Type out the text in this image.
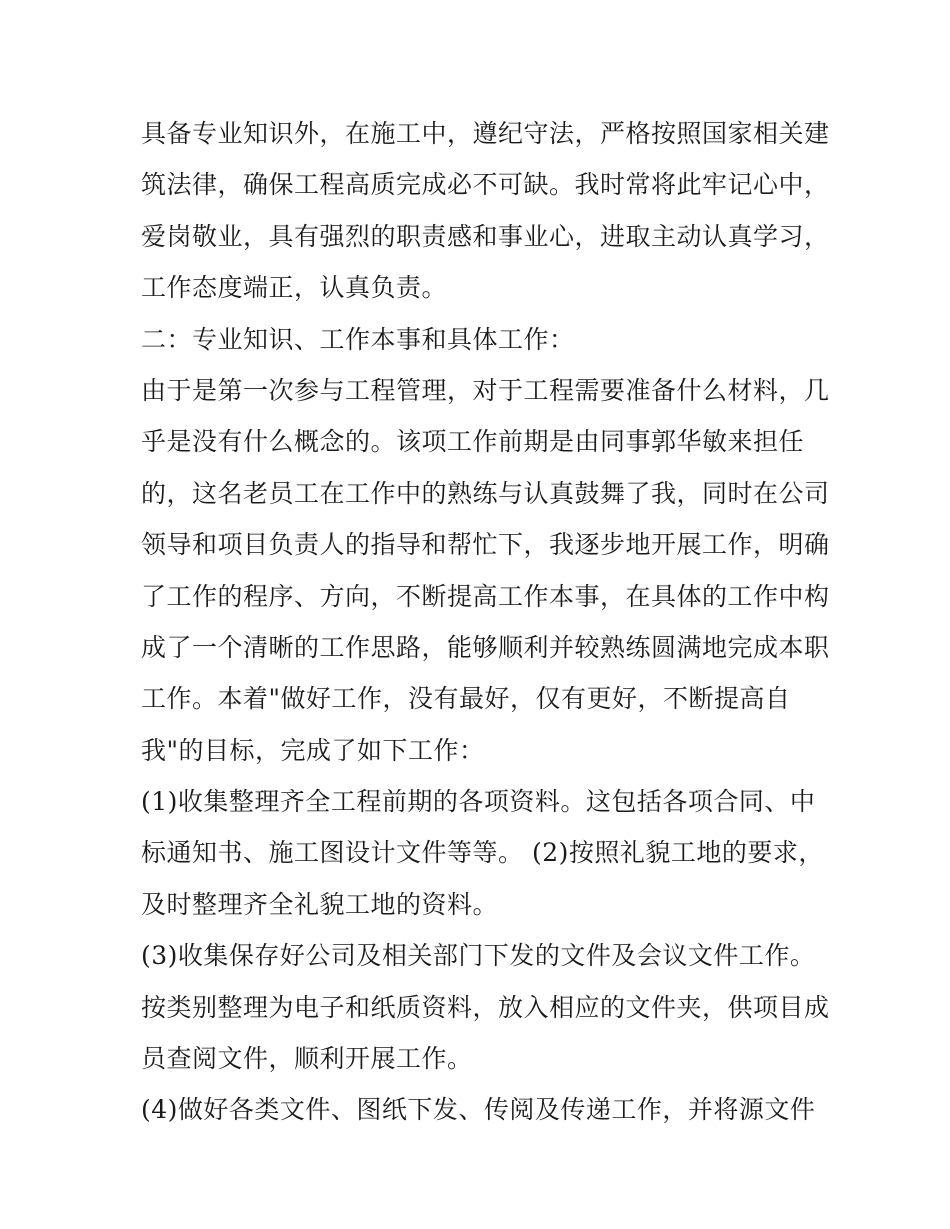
具备专业知识外，在施工中，遵纪守法，严格按照国家相关建
筑法律，确保工程高质完成必不可缺。我时常将此牢记心中，
爱岗敬业，具有强烈的职责感和事业心，进取主动认真学习，
工作态度端正，认真负责。
二：专业知识、工作本事和具体工作：
由于是第一次参与工程管理，对于工程需要准备什么材料，几
乎是没有什么概念的。该项工作前期是由同事郭华敏来担任
的，这名老员工在工作中的熟练与认真鼓舞了我，同时在公司
领导和项目负责人的指导和帮忙下，我逐步地开展工作，明确
了工作的程序、方向，不断提高工作本事，在具体的工作中构
成了一个清晰的工作思路，能够顺利并较熟练圆满地完成本职
工作。本着"做好工作，没有最好，仅有更好，不断提高自
我"的目标，完成了如下工作：
(1)收集整理齐全工程前期的各项资料。这包括各项合同、中
标通知书、施工图设计文件等等。 (2)按照礼貌工地的要求，
及时整理齐全礼貌工地的资料。
(3)收集保存好公司及相关部门下发的文件及会议文件工作。
按类别整理为电子和纸质资料，放入相应的文件夹，供项目成
员查阅文件，顺利开展工作。
(4)做好各类文件、图纸下发、传阅及传递工作，并将源文件
